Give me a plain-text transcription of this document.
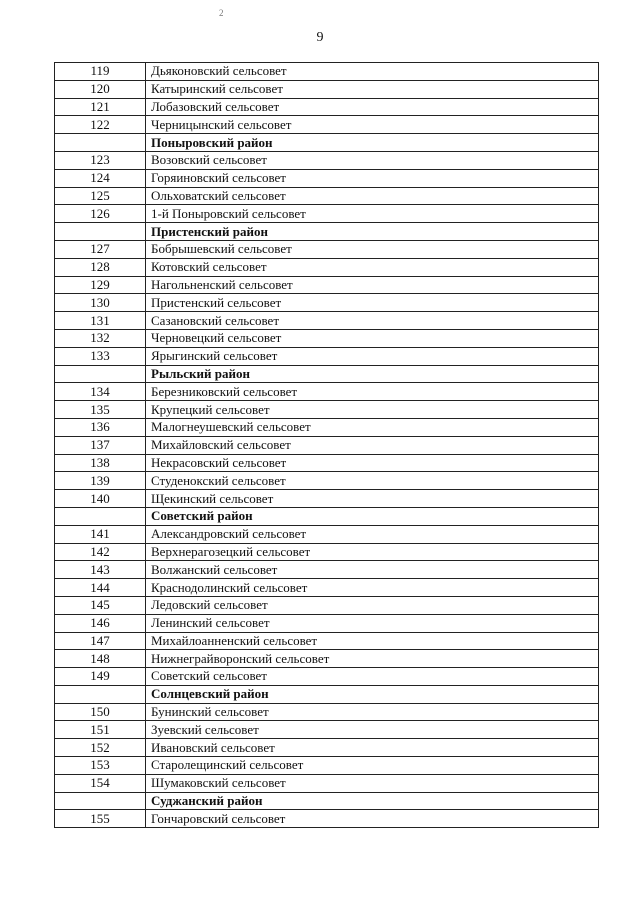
2
9
119	Дьяконовский сельсовет
120	Катыринский сельсовет
121	Лобазовский сельсовет
122	Черницынский сельсовет
	Поныровский район
123	Возовский сельсовет
124	Горяиновский сельсовет
125	Ольховатский сельсовет
126	1-й Поныровский сельсовет
	Пристенский район
127	Бобрышевский сельсовет
128	Котовский сельсовет
129	Нагольненский сельсовет
130	Пристенский сельсовет
131	Сазановский сельсовет
132	Черновецкий сельсовет
133	Ярыгинский сельсовет
	Рыльский район
134	Березниковский сельсовет
135	Крупецкий сельсовет
136	Малогнеушевский сельсовет
137	Михайловский сельсовет
138	Некрасовский сельсовет
139	Студенокский сельсовет
140	Щекинский сельсовет
	Советский район
141	Александровский сельсовет
142	Верхнерагозецкий сельсовет
143	Волжанский сельсовет
144	Краснодолинский сельсовет
145	Ледовский сельсовет
146	Ленинский сельсовет
147	Михайлоанненский сельсовет
148	Нижнеграйворонский сельсовет
149	Советский сельсовет
	Солнцевский район
150	Бунинский сельсовет
151	Зуевский сельсовет
152	Ивановский сельсовет
153	Старолещинский сельсовет
154	Шумаковский сельсовет
	Суджанский район
155	Гончаровский сельсовет
